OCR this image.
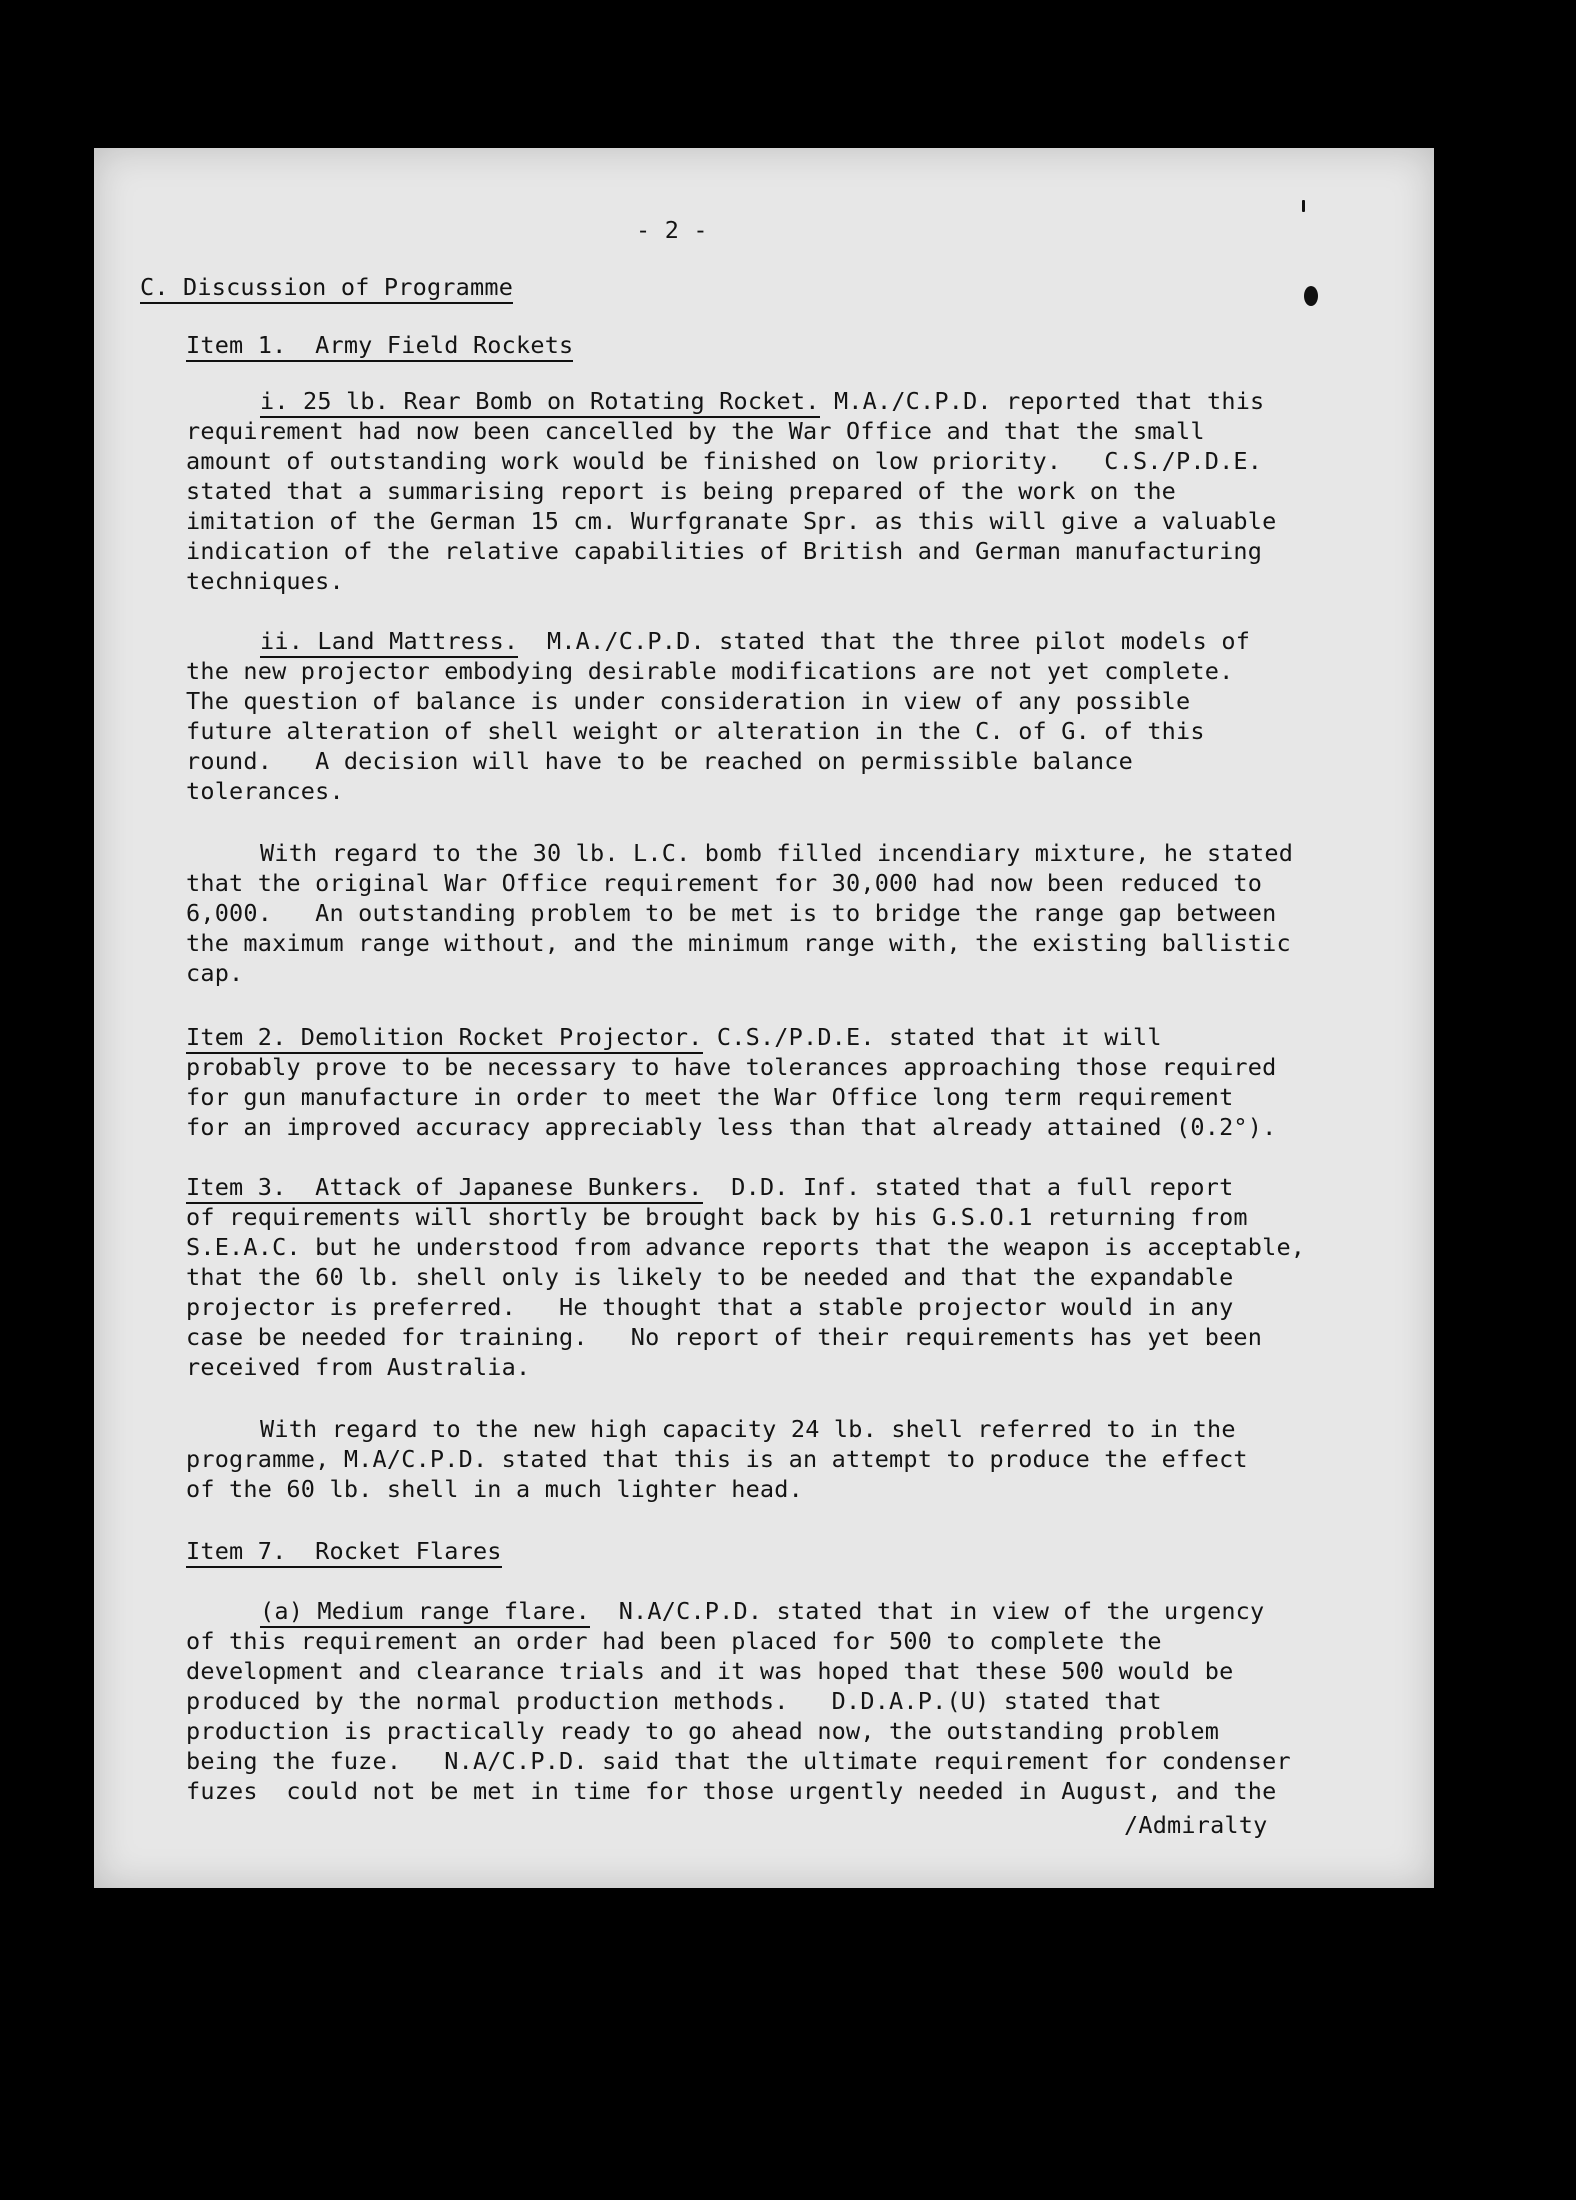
- 2 -
C. Discussion of Programme
Item 1.  Army Field Rockets
i. 25 lb. Rear Bomb on Rotating Rocket. M.A./C.P.D. reported that this
requirement had now been cancelled by the War Office and that the small
amount of outstanding work would be finished on low priority.   C.S./P.D.E.
stated that a summarising report is being prepared of the work on the
imitation of the German 15 cm. Wurfgranate Spr. as this will give a valuable
indication of the relative capabilities of British and German manufacturing
techniques.
ii. Land Mattress.  M.A./C.P.D. stated that the three pilot models of
the new projector embodying desirable modifications are not yet complete.
The question of balance is under consideration in view of any possible
future alteration of shell weight or alteration in the C. of G. of this
round.   A decision will have to be reached on permissible balance
tolerances.
With regard to the 30 lb. L.C. bomb filled incendiary mixture, he stated
that the original War Office requirement for 30,000 had now been reduced to
6,000.   An outstanding problem to be met is to bridge the range gap between
the maximum range without, and the minimum range with, the existing ballistic
cap.
Item 2. Demolition Rocket Projector. C.S./P.D.E. stated that it will
probably prove to be necessary to have tolerances approaching those required
for gun manufacture in order to meet the War Office long term requirement
for an improved accuracy appreciably less than that already attained (0.2°).
Item 3.  Attack of Japanese Bunkers.  D.D. Inf. stated that a full report
of requirements will shortly be brought back by his G.S.O.1 returning from
S.E.A.C. but he understood from advance reports that the weapon is acceptable,
that the 60 lb. shell only is likely to be needed and that the expandable
projector is preferred.   He thought that a stable projector would in any
case be needed for training.   No report of their requirements has yet been
received from Australia.
With regard to the new high capacity 24 lb. shell referred to in the
programme, M.A/C.P.D. stated that this is an attempt to produce the effect
of the 60 lb. shell in a much lighter head.
Item 7.  Rocket Flares
(a) Medium range flare.  N.A/C.P.D. stated that in view of the urgency
of this requirement an order had been placed for 500 to complete the
development and clearance trials and it was hoped that these 500 would be
produced by the normal production methods.   D.D.A.P.(U) stated that
production is practically ready to go ahead now, the outstanding problem
being the fuze.   N.A/C.P.D. said that the ultimate requirement for condenser
fuzes  could not be met in time for those urgently needed in August, and the
/Admiralty
